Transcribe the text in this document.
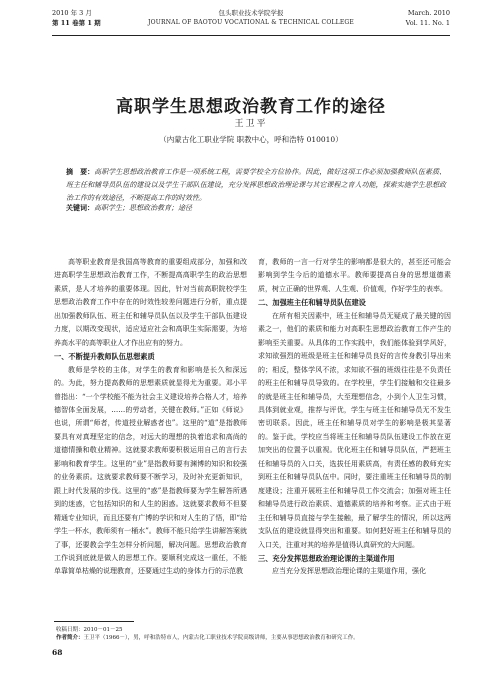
2010 年 3 月	包头职业技术学院学报	March. 2010
第 11 卷第 1 期	JOURNAL OF BAOTOU VOCATIONAL & TECHNICAL COLLEGE	Vol. 11. No. 1
高职学生思想政治教育工作的途径
王卫平
（内蒙古化工职业学院 职教中心，呼和浩特 010010）
摘　要：高职学生思想政治教育工作是一项系统工程，需要学校全方位协作。因此，做好这项工作必须加强教师队伍素质、班主任和辅导员队伍的建设以及学生干部队伍建设，充分发挥思想政治理论课与其它课程之育人功能，探索实施学生思想政治工作的有效途径，不断提高工作的时效性。
关键词：高职学生；思想政治教育；途径

高等职业教育是我国高等教育的重要组成部分，加强和改进高职学生思想政治教育工作，不断提高高职学生的政治思想素质，是人才培养的重要体现。因此，针对当前高职院校学生思想政治教育工作中存在的时效性较差问题进行分析，重点提出加强教师队伍、班主任和辅导员队伍以及学生干部队伍建设力度，以期改变现状，适应适应社会和高职生实际需要，为培养高水平的高等职业人才作出应有的努力。

一、不断提升教师队伍思想素质

教师是学校的主体，对学生的教育和影响是长久和深远的。为此，努力提高教师的思想素质就显得尤为重要。邓小平曾指出：“一个学校能不能为社会主义建设培养合格人才，培养德智体全面发展，……的劳动者，关键在教师。”正如《师说》也说，所谓“师者，传道授业解惑者也”。这里的“道”是指教师要具有对真理坚定的信念，对远大的理想的执着追求和高尚的道德情操和敬业精神。这就要求教师要积极运用自己的言行去影响和教育学生。这里的“业”是指教师要有渊博的知识和较强的业务素质。这就要求教师要不断学习，及时补充更新知识，跟上时代发展的步伐。这里的“惑”是指教师要为学生解答所遇到的迷惑，它包括知识的和人生的困惑。这就要求教师不但要精通专业知识，而且还要有广博的学识和对人生的了悟，即“给学生一杯水，教师须有一桶水”。教师不能只给学生讲解答案就了事，还要教会学生怎样分析问题，解决问题。思想政治教育工作说到底就是做人的思想工作。要顺利完成这一重任，不能单靠简单枯燥的说理教育，还要通过生动的身体力行的示范教

育，教师的一言一行对学生的影响都是很大的，甚至还可能会影响到学生今后的道德水平。教师要提高自身的思想道德素质，树立正确的世界观、人生观、价值观，作好学生的表率。

二、加强班主任和辅导员队伍建设

在所有相关因素中，班主任和辅导员无疑成了最关键的因素之一，他们的素质和能力对高职生思想政治教育工作产生的影响至关重要。从具体的工作实践中，我们能体验到学风好，求知欲强烈的班级是班主任和辅导员良好的言传身教引导出来的；相反，整体学风不浓，求知欲不强的班级往往是不负责任的班主任和辅导员导致的。在学校里，学生们接触和交往最多的就是班主任和辅导员，大至理想信念，小到个人卫生习惯，具体到就业观，推荐与评优，学生与班主任和辅导员无不发生密切联系。因此，班主任和辅导员对学生的影响是极其显著的。鉴于此，学校应当将班主任和辅导员队伍建设工作放在更加突出的位置予以重视。优化班主任和辅导员队伍，严把班主任和辅导员的入口关，选拔任用素质高，有责任感的教师充实到班主任和辅导员队伍中。同时，要注重班主任和辅导员的制度建设；注重开展班主任和辅导员工作交流会；加强对班主任和辅导员进行政治素质、道德素质的培养和考察。正式由于班主任和辅导员直接与学生接触，最了解学生的情况，所以这两支队伍的建设就显得突出和重要。如何把好班主任和辅导员的入口关，注重对其的培养是值得认真研究的大问题。

三、充分发挥思想政治理论课的主渠道作用

应当充分发挥思想政治理论课的主渠道作用，强化

收稿日期：2010－01－25
作者简介：王卫平（1966－），男，呼和浩特市人，内蒙古化工职业技术学院高级讲师，主要从事思想政治教育和研究工作。
68
